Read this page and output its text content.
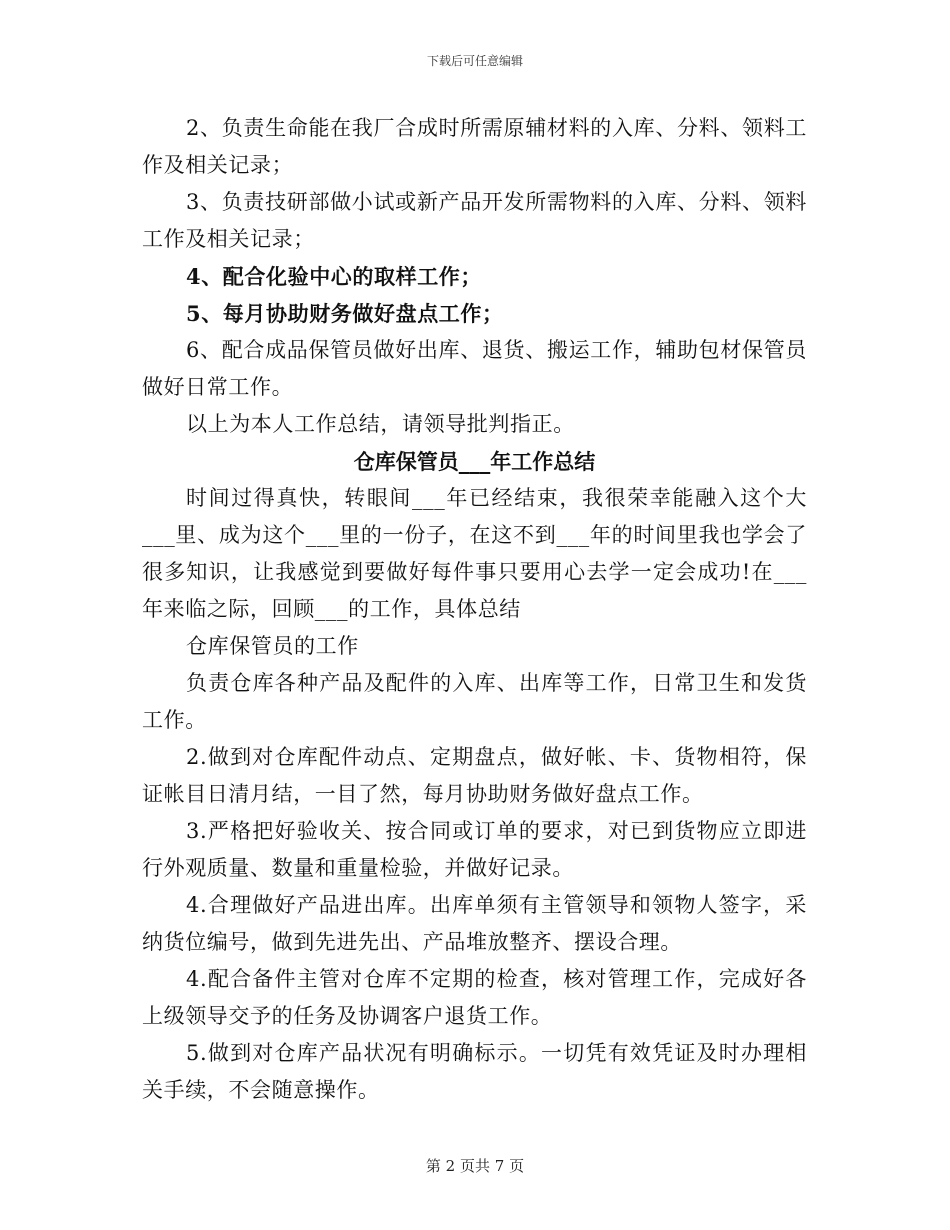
下载后可任意编辑

2、负责生命能在我厂合成时所需原辅材料的入库、分料、领料工作及相关记录；

3、负责技研部做小试或新产品开发所需物料的入库、分料、领料工作及相关记录；

4、配合化验中心的取样工作；

5、每月协助财务做好盘点工作；

6、配合成品保管员做好出库、退货、搬运工作，辅助包材保管员做好日常工作。

以上为本人工作总结，请领导批判指正。

仓库保管员___年工作总结

时间过得真快，转眼间___年已经结束，我很荣幸能融入这个大___里、成为这个___里的一份子，在这不到___年的时间里我也学会了很多知识，让我感觉到要做好每件事只要用心去学一定会成功!在___年来临之际，回顾___的工作，具体总结

仓库保管员的工作

负责仓库各种产品及配件的入库、出库等工作，日常卫生和发货工作。

2.做到对仓库配件动点、定期盘点，做好帐、卡、货物相符，保证帐目日清月结，一目了然，每月协助财务做好盘点工作。

3.严格把好验收关、按合同或订单的要求，对已到货物应立即进行外观质量、数量和重量检验，并做好记录。

4.合理做好产品进出库。出库单须有主管领导和领物人签字，采纳货位编号，做到先进先出、产品堆放整齐、摆设合理。

4.配合备件主管对仓库不定期的检查，核对管理工作，完成好各上级领导交予的任务及协调客户退货工作。

5.做到对仓库产品状况有明确标示。一切凭有效凭证及时办理相关手续，不会随意操作。

第 2 页共 7 页
